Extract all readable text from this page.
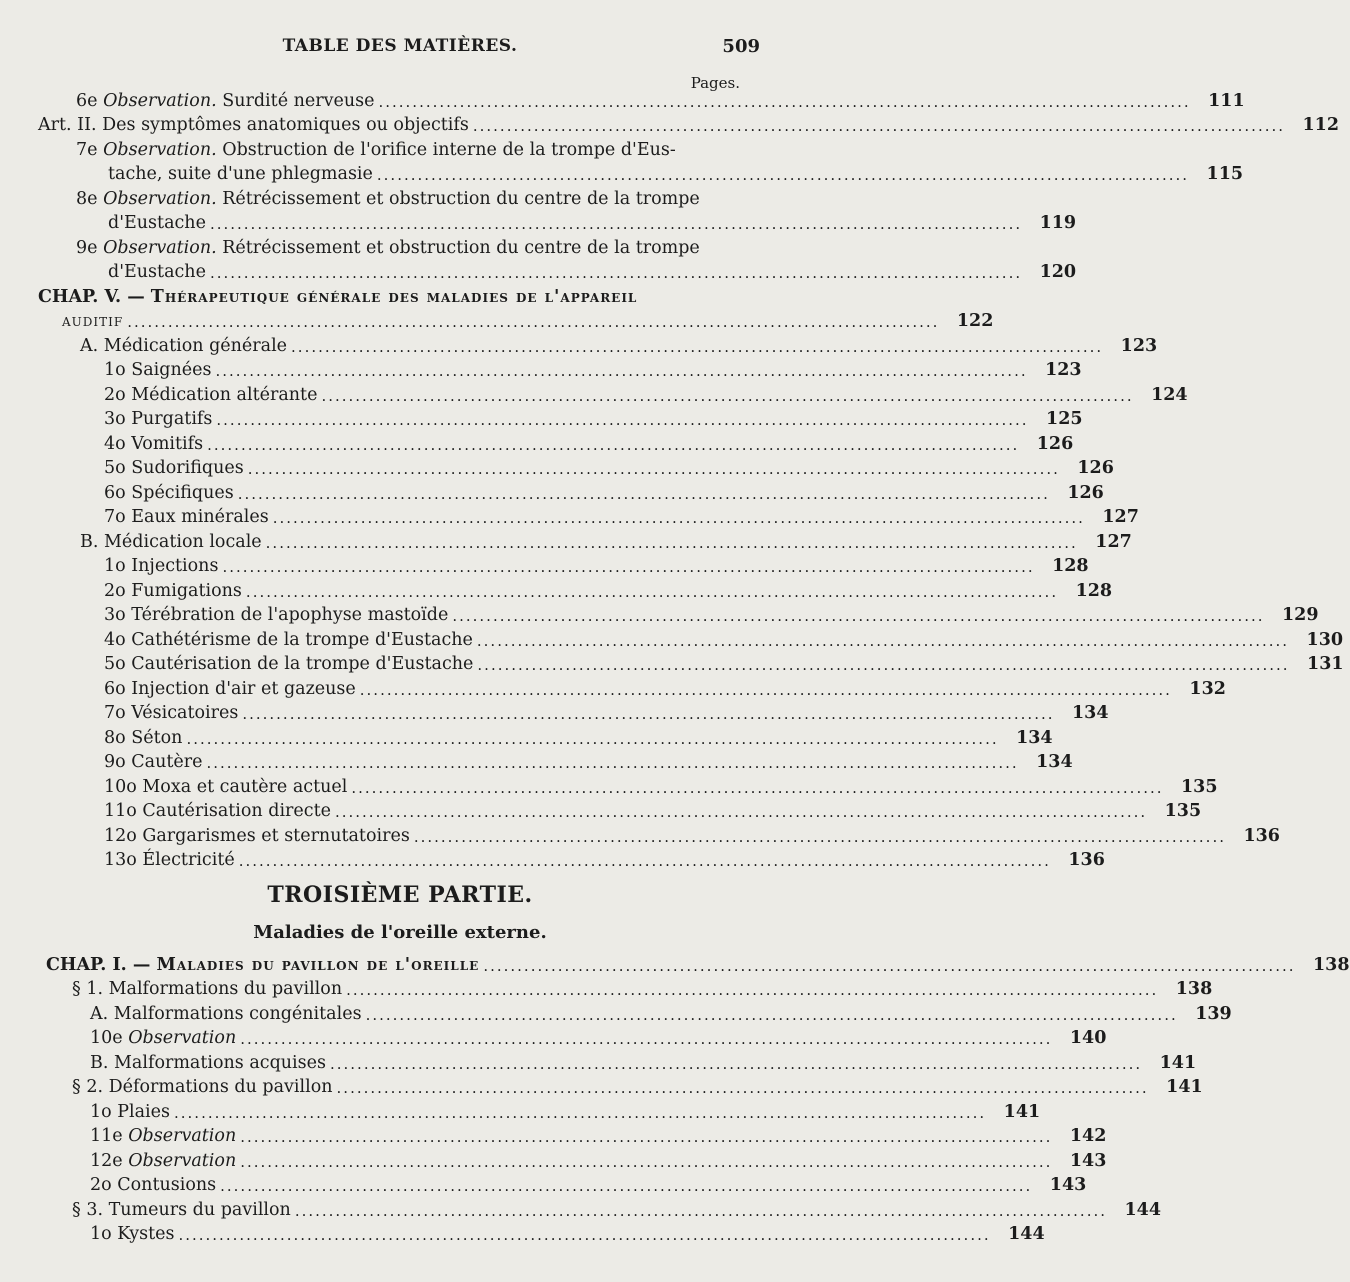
TABLE DES MATIÈRES.	509
Pages.
6e Observation. Surdité nerveuse ........................................................................................................................ 111
Art. II. Des symptômes anatomiques ou objectifs ........................................................................................................................ 112
7e Observation. Obstruction de l'orifice interne de la trompe d'Eus-
tache, suite d'une phlegmasie ........................................................................................................................ 115
8e Observation. Rétrécissement et obstruction du centre de la trompe
d'Eustache ........................................................................................................................ 119
9e Observation. Rétrécissement et obstruction du centre de la trompe
d'Eustache ........................................................................................................................ 120
CHAP. V. — Thérapeutique générale des maladies de l'appareil
auditif ........................................................................................................................ 122
A. Médication générale ........................................................................................................................ 123
1o Saignées ........................................................................................................................ 123
2o Médication altérante ........................................................................................................................ 124
3o Purgatifs ........................................................................................................................ 125
4o Vomitifs ........................................................................................................................ 126
5o Sudorifiques ........................................................................................................................ 126
6o Spécifiques ........................................................................................................................ 126
7o Eaux minérales ........................................................................................................................ 127
B. Médication locale ........................................................................................................................ 127
1o Injections ........................................................................................................................ 128
2o Fumigations ........................................................................................................................ 128
3o Térébration de l'apophyse mastoïde ........................................................................................................................ 129
4o Cathétérisme de la trompe d'Eustache ........................................................................................................................ 130
5o Cautérisation de la trompe d'Eustache ........................................................................................................................ 131
6o Injection d'air et gazeuse ........................................................................................................................ 132
7o Vésicatoires ........................................................................................................................ 134
8o Séton ........................................................................................................................ 134
9o Cautère ........................................................................................................................ 134
10o Moxa et cautère actuel ........................................................................................................................ 135
11o Cautérisation directe ........................................................................................................................ 135
12o Gargarismes et sternutatoires ........................................................................................................................ 136
13o Électricité ........................................................................................................................ 136
TROISIÈME PARTIE.
Maladies de l'oreille externe.
CHAP. I. — Maladies du pavillon de l'oreille ........................................................................................................................ 138
§ 1. Malformations du pavillon ........................................................................................................................ 138
A. Malformations congénitales ........................................................................................................................ 139
10e Observation ........................................................................................................................ 140
B. Malformations acquises ........................................................................................................................ 141
§ 2. Déformations du pavillon ........................................................................................................................ 141
1o Plaies ........................................................................................................................ 141
11e Observation ........................................................................................................................ 142
12e Observation ........................................................................................................................ 143
2o Contusions ........................................................................................................................ 143
§ 3. Tumeurs du pavillon ........................................................................................................................ 144
1o Kystes ........................................................................................................................ 144
